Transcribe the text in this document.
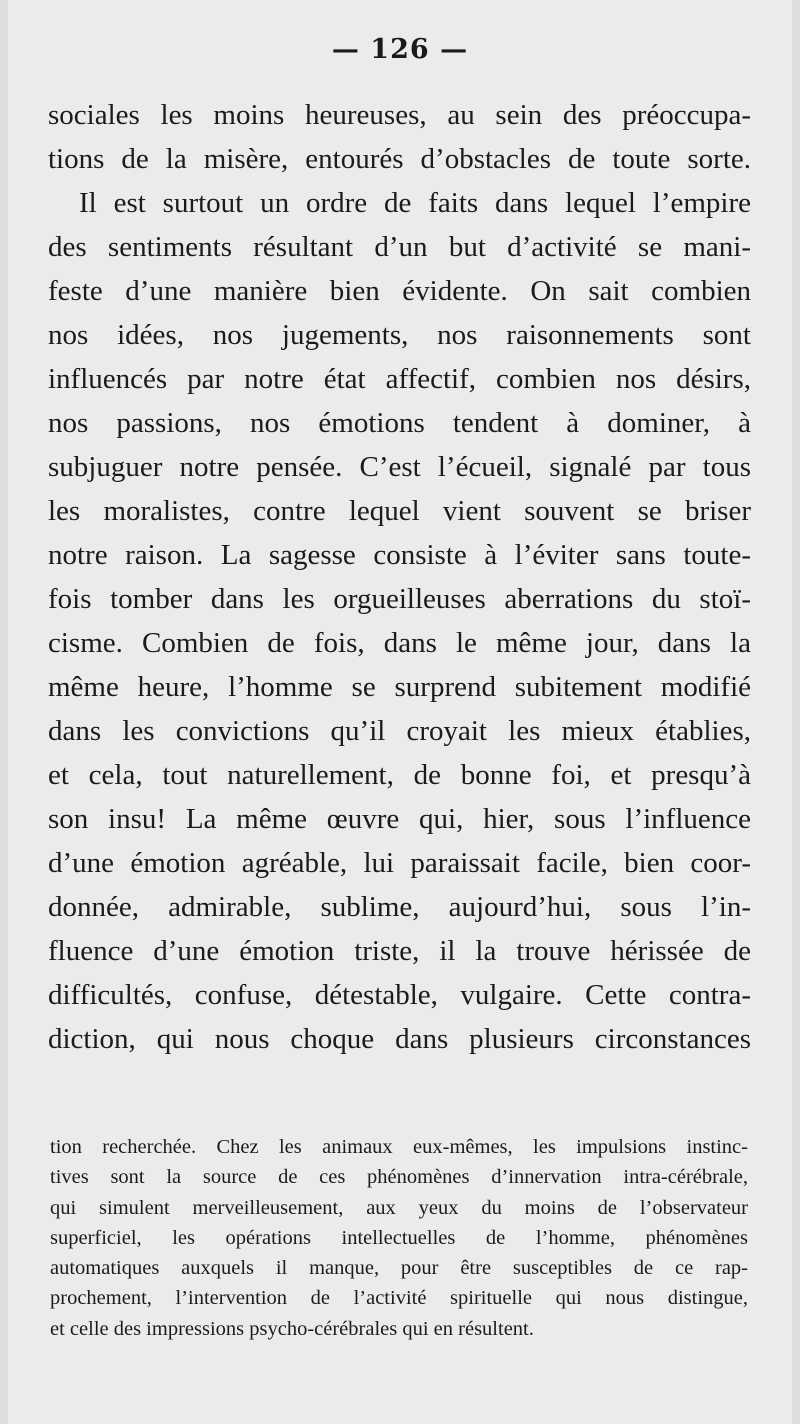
— 126 —
sociales les moins heureuses, au sein des préoccupa-
tions de la misère, entourés d’obstacles de toute sorte.
Il est surtout un ordre de faits dans lequel l’empire
des sentiments résultant d’un but d’activité se mani-
feste d’une manière bien évidente. On sait combien
nos idées, nos jugements, nos raisonnements sont
influencés par notre état affectif, combien nos désirs,
nos passions, nos émotions tendent à dominer, à
subjuguer notre pensée. C’est l’écueil, signalé par tous
les moralistes, contre lequel vient souvent se briser
notre raison. La sagesse consiste à l’éviter sans toute-
fois tomber dans les orgueilleuses aberrations du stoï-
cisme. Combien de fois, dans le même jour, dans la
même heure, l’homme se surprend subitement modifié
dans les convictions qu’il croyait les mieux établies,
et cela, tout naturellement, de bonne foi, et presqu’à
son insu! La même œuvre qui, hier, sous l’influence
d’une émotion agréable, lui paraissait facile, bien coor-
donnée, admirable, sublime, aujourd’hui, sous l’in-
fluence d’une émotion triste, il la trouve hérissée de
difficultés, confuse, détestable, vulgaire. Cette contra-
diction, qui nous choque dans plusieurs circonstances
tion recherchée. Chez les animaux eux-mêmes, les impulsions instinc-
tives sont la source de ces phénomènes d’innervation intra-cérébrale,
qui simulent merveilleusement, aux yeux du moins de l’observateur
superficiel, les opérations intellectuelles de l’homme, phénomènes
automatiques auxquels il manque, pour être susceptibles de ce rap-
prochement, l’intervention de l’activité spirituelle qui nous distingue,
et celle des impressions psycho-cérébrales qui en résultent.
